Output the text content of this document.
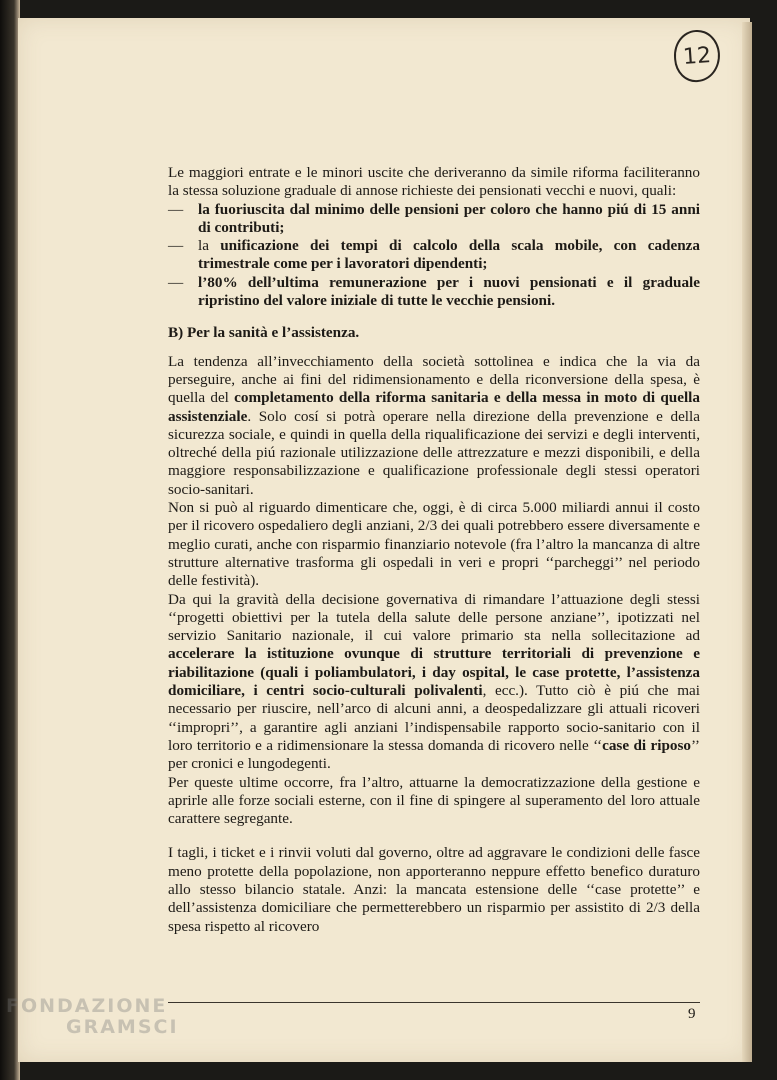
12

Le maggiori entrate e le minori uscite che deriveranno da simile riforma faciliteranno la stessa soluzione graduale di annose richieste dei pensionati vecchi e nuovi, quali:

— la fuoriuscita dal minimo delle pensioni per coloro che hanno piú di 15 anni di contributi;
— la unificazione dei tempi di calcolo della scala mobile, con cadenza trimestrale come per i lavoratori dipendenti;
— l’80% dell’ultima remunerazione per i nuovi pensionati e il graduale ripristino del valore iniziale di tutte le vecchie pensioni.

B) Per la sanità e l’assistenza.

La tendenza all’invecchiamento della società sottolinea e indica che la via da perseguire, anche ai fini del ridimensionamento e della riconversione della spesa, è quella del completamento della riforma sanitaria e della messa in moto di quella assistenziale. Solo cosí si potrà operare nella direzione della prevenzione e della sicurezza sociale, e quindi in quella della riqualificazione dei servizi e degli interventi, oltreché della piú razionale utilizzazione delle attrezzature e mezzi disponibili, e della maggiore responsabilizzazione e qualificazione professionale degli stessi operatori socio-sanitari.

Non si può al riguardo dimenticare che, oggi, è di circa 5.000 miliardi annui il costo per il ricovero ospedaliero degli anziani, 2/3 dei quali potrebbero essere diversamente e meglio curati, anche con risparmio finanziario notevole (fra l’altro la mancanza di altre strutture alternative trasforma gli ospedali in veri e propri ‘‘parcheggi’’ nel periodo delle festività).

Da qui la gravità della decisione governativa di rimandare l’attuazione degli stessi ‘‘progetti obiettivi per la tutela della salute delle persone anziane’’, ipotizzati nel servizio Sanitario nazionale, il cui valore primario sta nella sollecitazione ad accelerare la istituzione ovunque di strutture territoriali di prevenzione e riabilitazione (quali i poliambulatori, i day ospital, le case protette, l’assistenza domiciliare, i centri socio-culturali polivalenti, ecc.). Tutto ciò è piú che mai necessario per riuscire, nell’arco di alcuni anni, a deospedalizzare gli attuali ricoveri ‘‘impropri’’, a garantire agli anziani l’indispensabile rapporto socio-sanitario con il loro territorio e a ridimensionare la stessa domanda di ricovero nelle ‘‘case di riposo’’ per cronici e lungodegenti.

Per queste ultime occorre, fra l’altro, attuarne la democratizzazione della gestione e aprirle alle forze sociali esterne, con il fine di spingere al superamento del loro attuale carattere segregante.

I tagli, i ticket e i rinvii voluti dal governo, oltre ad aggravare le condizioni delle fasce meno protette della popolazione, non apporteranno neppure effetto benefico duraturo allo stesso bilancio statale. Anzi: la mancata estensione delle ‘‘case protette’’ e dell’assistenza domiciliare che permetterebbero un risparmio per assistito di 2/3 della spesa rispetto al ricovero

9
FONDAZIONE
GRAMSCI
